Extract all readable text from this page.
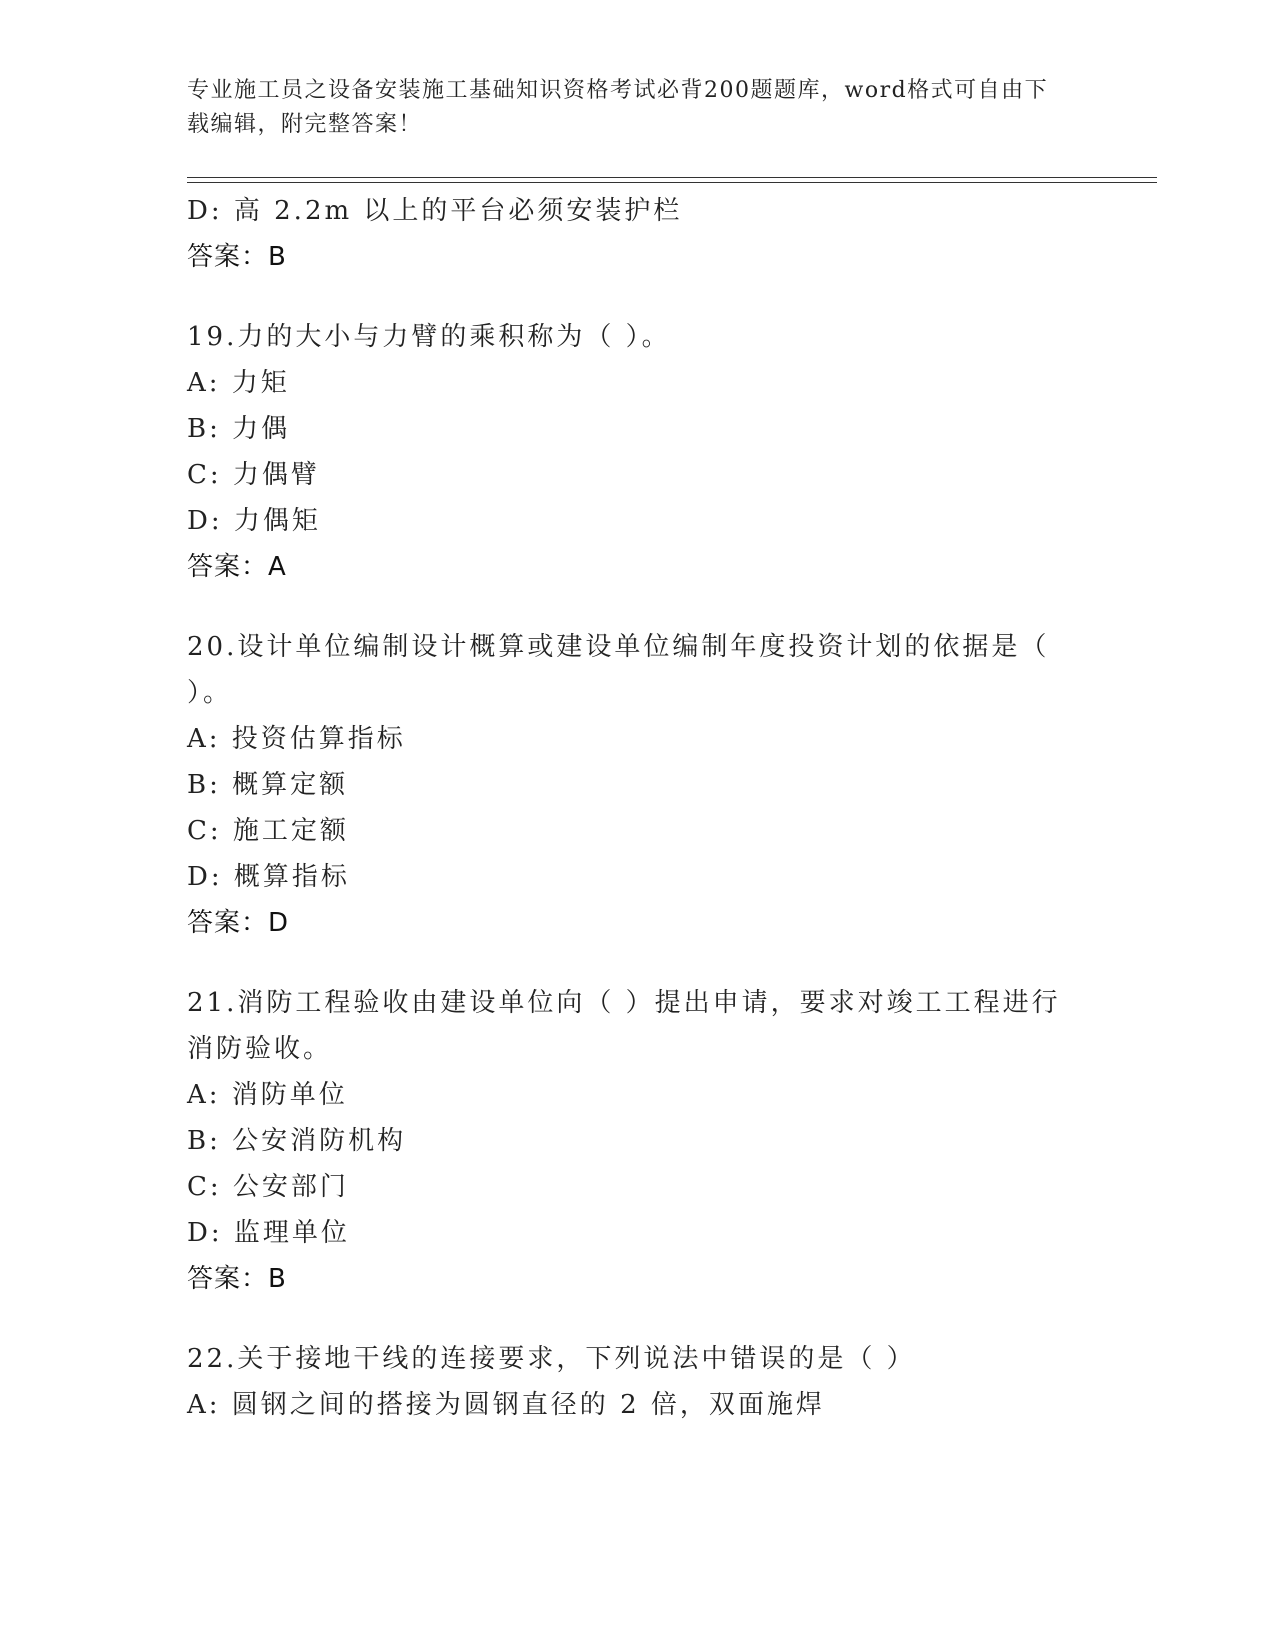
专业施工员之设备安装施工基础知识资格考试必背200题题库，word格式可自由下载编辑，附完整答案！
D: 高 2.2m 以上的平台必须安装护栏
答案：B
19.力的大小与力臂的乘积称为（ ）。
A: 力矩
B: 力偶
C: 力偶臂
D: 力偶矩
答案：A
20.设计单位编制设计概算或建设单位编制年度投资计划的依据是（ ）。
A: 投资估算指标
B: 概算定额
C: 施工定额
D: 概算指标
答案：D
21.消防工程验收由建设单位向（ ）提出申请，要求对竣工工程进行消防验收。
A: 消防单位
B: 公安消防机构
C: 公安部门
D: 监理单位
答案：B
22.关于接地干线的连接要求，下列说法中错误的是（ ）
A: 圆钢之间的搭接为圆钢直径的 2 倍，双面施焊
